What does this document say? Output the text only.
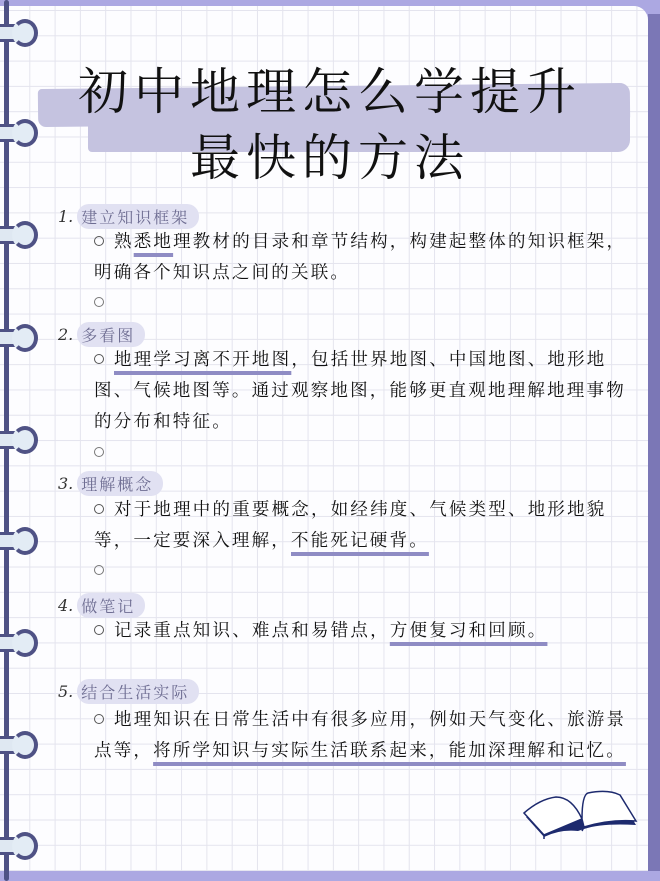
初中地理怎么学提升
最快的方法
1. 建立知识框架
熟悉地理教材的目录和章节结构，构建起整体的知识框架，明确各个知识点之间的关联。
2. 多看图
地理学习离不开地图，包括世界地图、中国地图、地形地图、气候地图等。通过观察地图，能够更直观地理解地理事物的分布和特征。
3. 理解概念
对于地理中的重要概念，如经纬度、气候类型、地形地貌等，一定要深入理解，不能死记硬背。
4. 做笔记
记录重点知识、难点和易错点，方便复习和回顾。
5. 结合生活实际
地理知识在日常生活中有很多应用，例如天气变化、旅游景点等，将所学知识与实际生活联系起来，能加深理解和记忆。
